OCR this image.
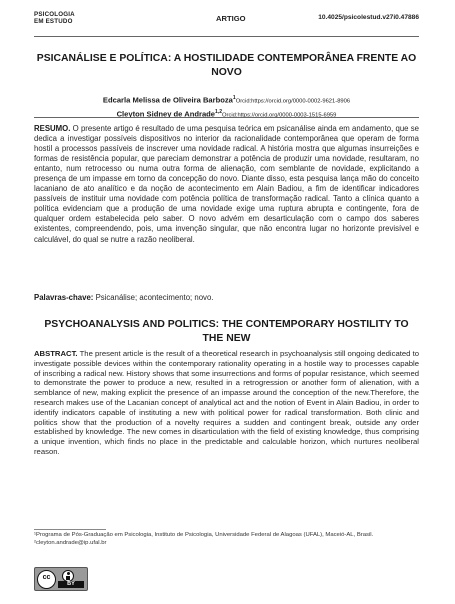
PSICOLOGIA
EM ESTUDO	ARTIGO	10.4025/psicolestud.v27i0.47886
PSICANÁLISE E POLÍTICA: A HOSTILIDADE CONTEMPORÂNEA FRENTE AO NOVO
Edcarla Melissa de Oliveira Barboza$^1$Orcid:https://orcid.org/0000-0002-9621-8906
Cleyton Sidney de Andrade$^{1,2}$Orcid:https://orcid.org/0000-0003-1515-6959
RESUMO. O presente artigo é resultado de uma pesquisa teórica em psicanálise ainda em andamento, que se dedica a investigar possíveis dispositivos no interior da racionalidade contemporânea que operam de forma hostil a processos passíveis de inscrever uma novidade radical. A história mostra que algumas insurreições e formas de resistência popular, que pareciam demonstrar a potência de produzir uma novidade, resultaram, no entanto, num retrocesso ou numa outra forma de alienação, com semblante de novidade, explicitando a presença de um impasse em torno da concepção do novo. Diante disso, esta pesquisa lança mão do conceito lacaniano de ato analítico e da noção de acontecimento em Alain Badiou, a fim de identificar indicadores passíveis de instituir uma novidade com potência política de transformação radical. Tanto a clínica quanto a política evidenciam que a produção de uma novidade exige uma ruptura abrupta e contingente, fora de qualquer ordem estabelecida pelo saber. O novo advém em desarticulação com o campo dos saberes existentes, compreendendo, pois, uma invenção singular, que não encontra lugar no horizonte previsível e calculável, do qual se nutre a razão neoliberal.
Palavras-chave: Psicanálise; acontecimento; novo.
PSYCHOANALYSIS AND POLITICS: THE CONTEMPORARY HOSTILITY TO THE NEW
ABSTRACT. The present article is the result of a theoretical research in psychoanalysis still ongoing dedicated to investigate possible devices within the contemporary rationality operating in a hostile way to processes capable of inscribing a radical new. History shows that some insurrections and forms of popular resistance, which seemed to demonstrate the power to produce a new, resulted in a retrogression or another form of alienation, with a semblance of new, making explicit the presence of an impasse around the conception of the new.Therefore, the research makes use of the Lacanian concept of analytical act and the notion of Event in Alain Badiou, in order to identify indicators capable of instituting a new with political power for radical transformation. Both clinic and politics show that the production of a novelty requires a sudden and contingent break, outside any order established by knowledge. The new comes in disarticulation with the field of existing knowledge, thus comprising a unique invention, which finds no place in the predictable and calculable horizon, which nurtures neoliberal reason.
¹Programa de Pós-Graduação em Psicologia, Instituto de Psicologia, Universidade Federal de Alagoas (UFAL), Maceió-AL, Brasil.
²cleyton.andrade@ip.ufal.br
cc
BY
